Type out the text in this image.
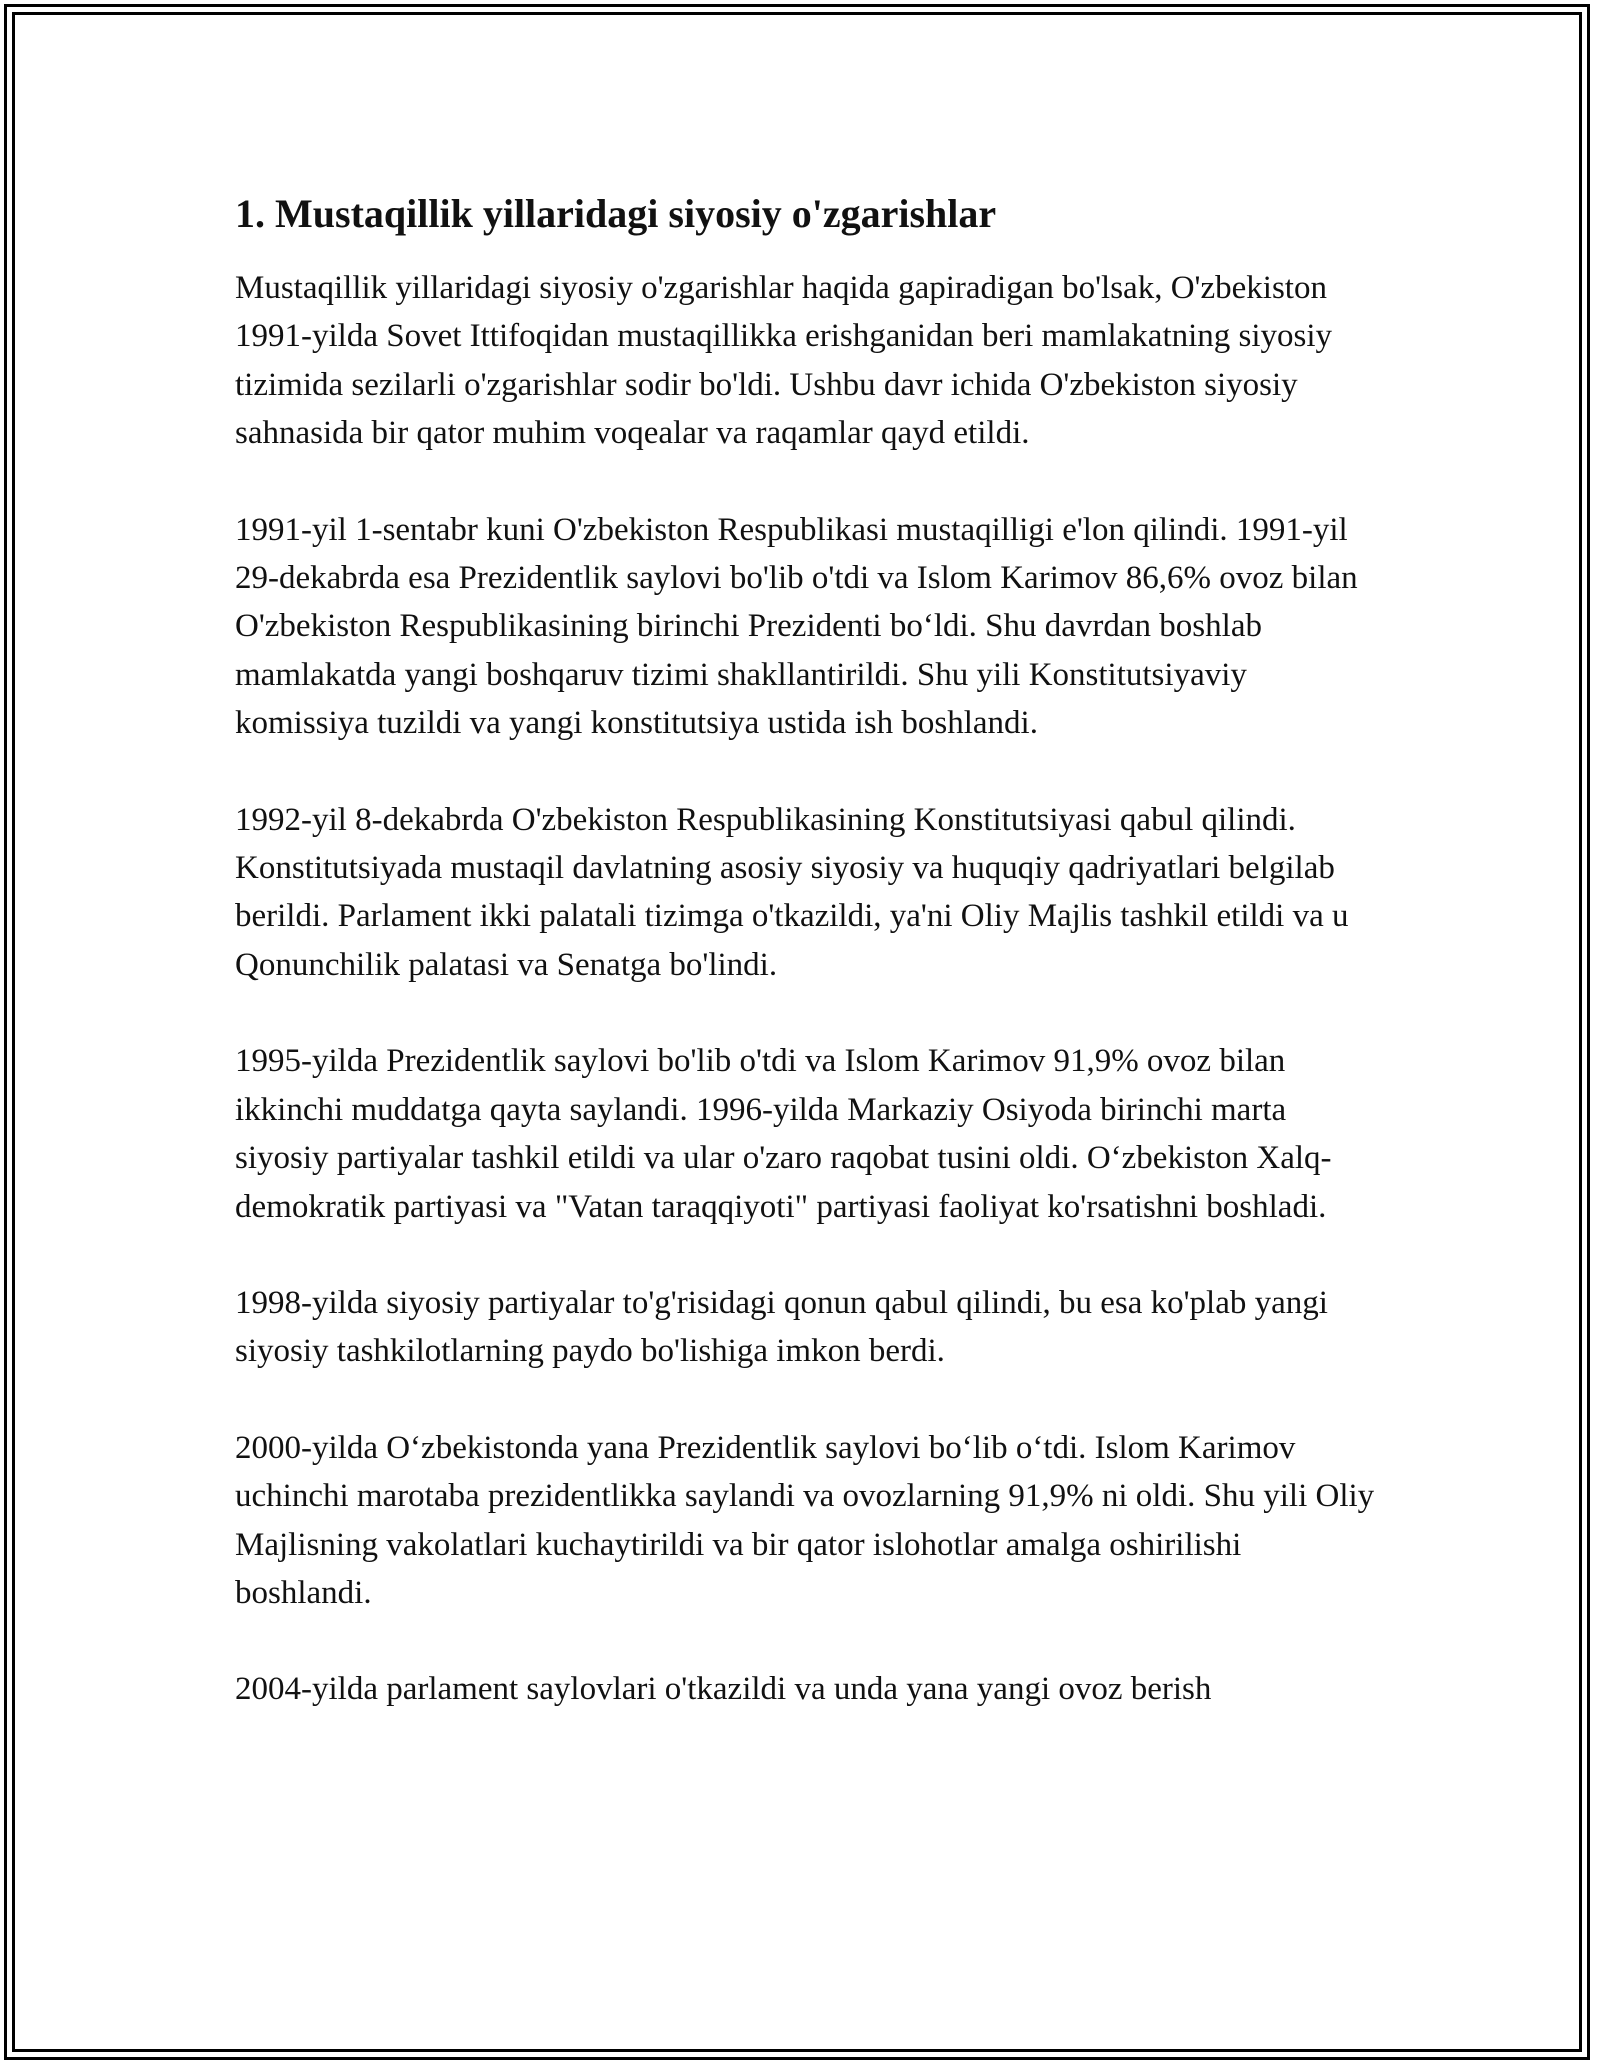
1. Mustaqillik yillaridagi siyosiy o'zgarishlar

Mustaqillik yillaridagi siyosiy o'zgarishlar haqida gapiradigan bo'lsak, O'zbekiston 1991-yilda Sovet Ittifoqidan mustaqillikka erishganidan beri mamlakatning siyosiy tizimida sezilarli o'zgarishlar sodir bo'ldi. Ushbu davr ichida O'zbekiston siyosiy sahnasida bir qator muhim voqealar va raqamlar qayd etildi.

1991-yil 1-sentabr kuni O'zbekiston Respublikasi mustaqilligi e'lon qilindi. 1991-yil 29-dekabrda esa Prezidentlik saylovi bo'lib o'tdi va Islom Karimov 86,6% ovoz bilan O'zbekiston Respublikasining birinchi Prezidenti bo‘ldi. Shu davrdan boshlab mamlakatda yangi boshqaruv tizimi shakllantirildi. Shu yili Konstitutsiyaviy komissiya tuzildi va yangi konstitutsiya ustida ish boshlandi.

1992-yil 8-dekabrda O'zbekiston Respublikasining Konstitutsiyasi qabul qilindi. Konstitutsiyada mustaqil davlatning asosiy siyosiy va huquqiy qadriyatlari belgilab berildi. Parlament ikki palatali tizimga o'tkazildi, ya'ni Oliy Majlis tashkil etildi va u Qonunchilik palatasi va Senatga bo'lindi.

1995-yilda Prezidentlik saylovi bo'lib o'tdi va Islom Karimov 91,9% ovoz bilan ikkinchi muddatga qayta saylandi. 1996-yilda Markaziy Osiyoda birinchi marta siyosiy partiyalar tashkil etildi va ular o'zaro raqobat tusini oldi. O‘zbekiston Xalq-demokratik partiyasi va "Vatan taraqqiyoti" partiyasi faoliyat ko'rsatishni boshladi.

1998-yilda siyosiy partiyalar to'g'risidagi qonun qabul qilindi, bu esa ko'plab yangi siyosiy tashkilotlarning paydo bo'lishiga imkon berdi.

2000-yilda O‘zbekistonda yana Prezidentlik saylovi bo‘lib o‘tdi. Islom Karimov uchinchi marotaba prezidentlikka saylandi va ovozlarning 91,9% ni oldi. Shu yili Oliy Majlisning vakolatlari kuchaytirildi va bir qator islohotlar amalga oshirilishi boshlandi.

2004-yilda parlament saylovlari o'tkazildi va unda yana yangi ovoz berish
